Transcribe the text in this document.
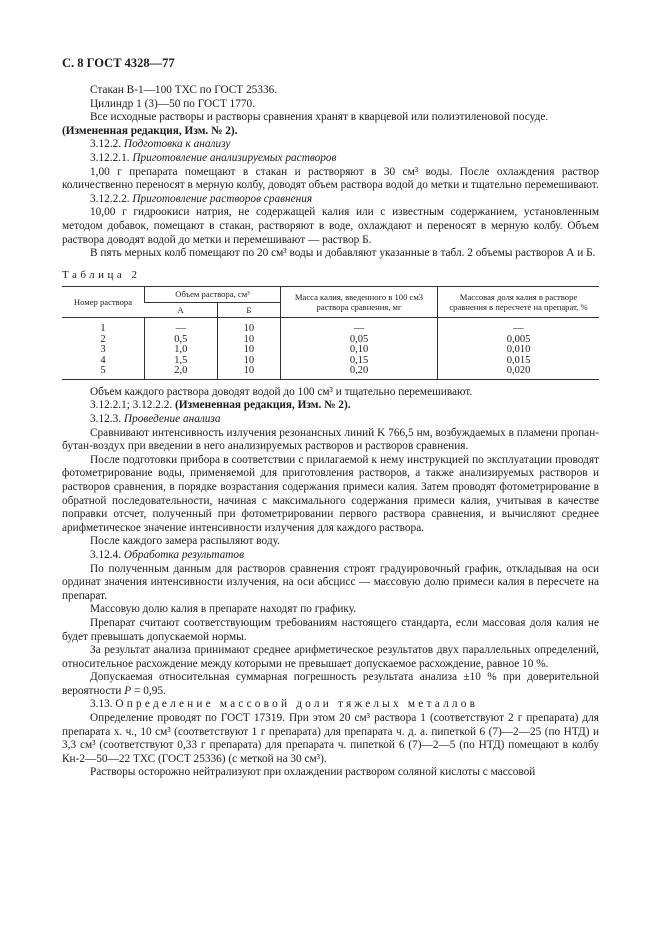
С. 8 ГОСТ 4328—77

Стакан В-1—100 ТХС по ГОСТ 25336.

Цилиндр 1 (3)—50 по ГОСТ 1770.

Все исходные растворы и растворы сравнения хранят в кварцевой или полиэтиленовой посуде.

(Измененная редакция, Изм. № 2).

3.12.2. Подготовка к анализу

3.12.2.1. Приготовление анализируемых растворов

1,00 г препарата помещают в стакан и растворяют в 30 см³ воды. После охлаждения раствор количественно переносят в мерную колбу, доводят объем раствора водой до метки и тщательно перемешивают.

3.12.2.2. Приготовление растворов сравнения

10,00 г гидроокиси натрия, не содержащей калия или с известным содержанием, установленным методом добавок, помещают в стакан, растворяют в воде, охлаждают и переносят в мерную колбу. Объем раствора доводят водой до метки и перемешивают — раствор Б.

В пять мерных колб помещают по 20 см³ воды и добавляют указанные в табл. 2 объемы растворов А и Б.

Таблица 2

Номер раствора	Объем раствора, см³		Масса калия, введенного в 100 см3 раствора сравнения, мг	Массовая доля калия в растворе сравнения в пересчете на препарат, %
	А	Б		
1	—	10	—	—
2	0,5	10	0,05	0,005
3	1,0	10	0,10	0,010
4	1,5	10	0,15	0,015
5	2,0	10	0,20	0,020

Объем каждого раствора доводят водой до 100 см³ и тщательно перемешивают.

3.12.2.1; 3.12.2.2. (Измененная редакция, Изм. № 2).

3.12.3. Проведение анализа

Сравнивают интенсивность излучения резонансных линий K 766,5 нм, возбуждаемых в пламени пропан-бутан-воздух при введении в него анализируемых растворов и растворов сравнения.

После подготовки прибора в соответствии с прилагаемой к нему инструкцией по эксплуатации проводят фотометрирование воды, применяемой для приготовления растворов, а также анализируемых растворов и растворов сравнения, в порядке возрастания содержания примеси калия. Затем проводят фотометрирование в обратной последовательности, начиная с максимального содержания примеси калия, учитывая в качестве поправки отсчет, полученный при фотометрировании первого раствора сравнения, и вычисляют среднее арифметическое значение интенсивности излучения для каждого раствора.

После каждого замера распыляют воду.

3.12.4. Обработка результатов

По полученным данным для растворов сравнения строят градуировочный график, откладывая на оси ординат значения интенсивности излучения, на оси абсцисс — массовую долю примеси калия в пересчете на препарат.

Массовую долю калия в препарате находят по графику.

Препарат считают соответствующим требованиям настоящего стандарта, если массовая доля калия не будет превышать допускаемой нормы.

За результат анализа принимают среднее арифметическое результатов двух параллельных определений, относительное расхождение между которыми не превышает допускаемое расхождение, равное 10 %.

Допускаемая относительная суммарная погрешность результата анализа ±10 % при доверительной вероятности P = 0,95.

3.13. Определение массовой доли тяжелых металлов

Определение проводят по ГОСТ 17319. При этом 20 см³ раствора 1 (соответствуют 2 г препарата) для препарата х. ч., 10 см³ (соответствуют 1 г препарата) для препарата ч. д. а. пипеткой 6 (7)—2—25 (по НТД) и 3,3 см³ (соответствуют 0,33 г препарата) для препарата ч. пипеткой 6 (7)—2—5 (по НТД) помещают в колбу Кн-2—50—22 ТХС (ГОСТ 25336) (с меткой на 30 см³).

Растворы осторожно нейтрализуют при охлаждении раствором соляной кислоты с массовой
